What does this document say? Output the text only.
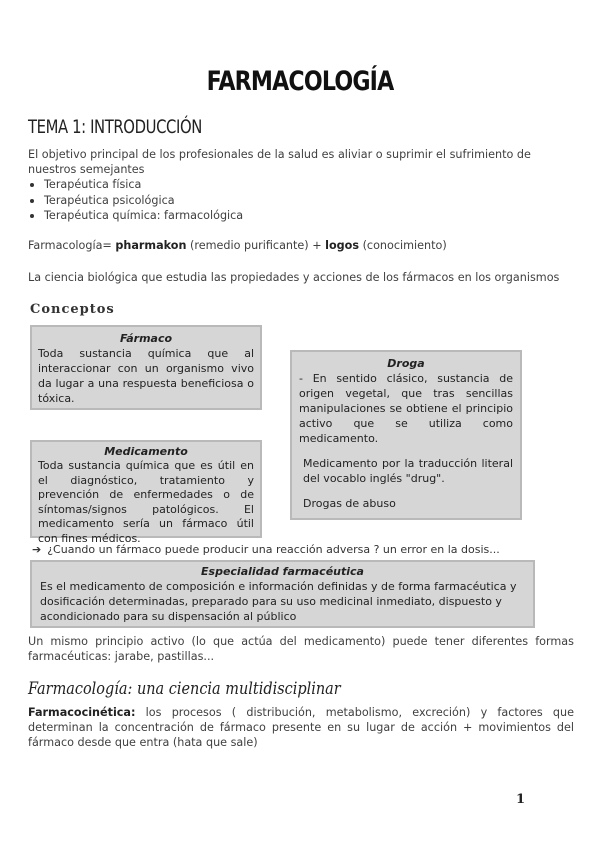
FARMACOLOGÍA
TEMA 1: INTRODUCCIÓN
El objetivo principal de los profesionales de la salud es aliviar o suprimir el sufrimiento de nuestros semejantes
Terapéutica física
Terapéutica psicológica
Terapéutica química: farmacológica
Farmacología= pharmakon (remedio purificante) + logos (conocimiento)
La ciencia biológica que estudia las propiedades y acciones de los fármacos en los organismos
Conceptos
Fármaco
Toda sustancia química que al interaccionar con un organismo vivo da lugar a una respuesta beneficiosa o tóxica.
Droga

- En sentido clásico, sustancia de origen vegetal, que tras sencillas manipulaciones se obtiene el principio activo que se utiliza como medicamento.

Medicamento por la traducción literal del vocablo inglés "drug".

Drogas de abuso

Medicamento
Toda sustancia química que es útil en el diagnóstico, tratamiento y prevención de enfermedades o de síntomas/signos patológicos. El medicamento sería un fármaco útil con fines médicos.
➔ ¿Cuando un fármaco puede producir una reacción adversa ? un error en la dosis...
Especialidad farmacéutica
Es el medicamento de composición e información definidas y de forma farmacéutica y dosificación determinadas, preparado para su uso medicinal inmediato, dispuesto y acondicionado para su dispensación al público
Un mismo principio activo (lo que actúa del medicamento) puede tener diferentes formas farmacéuticas: jarabe, pastillas...
Farmacología: una ciencia multidisciplinar
Farmacocinética: los procesos ( distribución, metabolismo, excreción) y factores que determinan la concentración de fármaco presente en su lugar de acción + movimientos del fármaco desde que entra (hata que sale)
1
